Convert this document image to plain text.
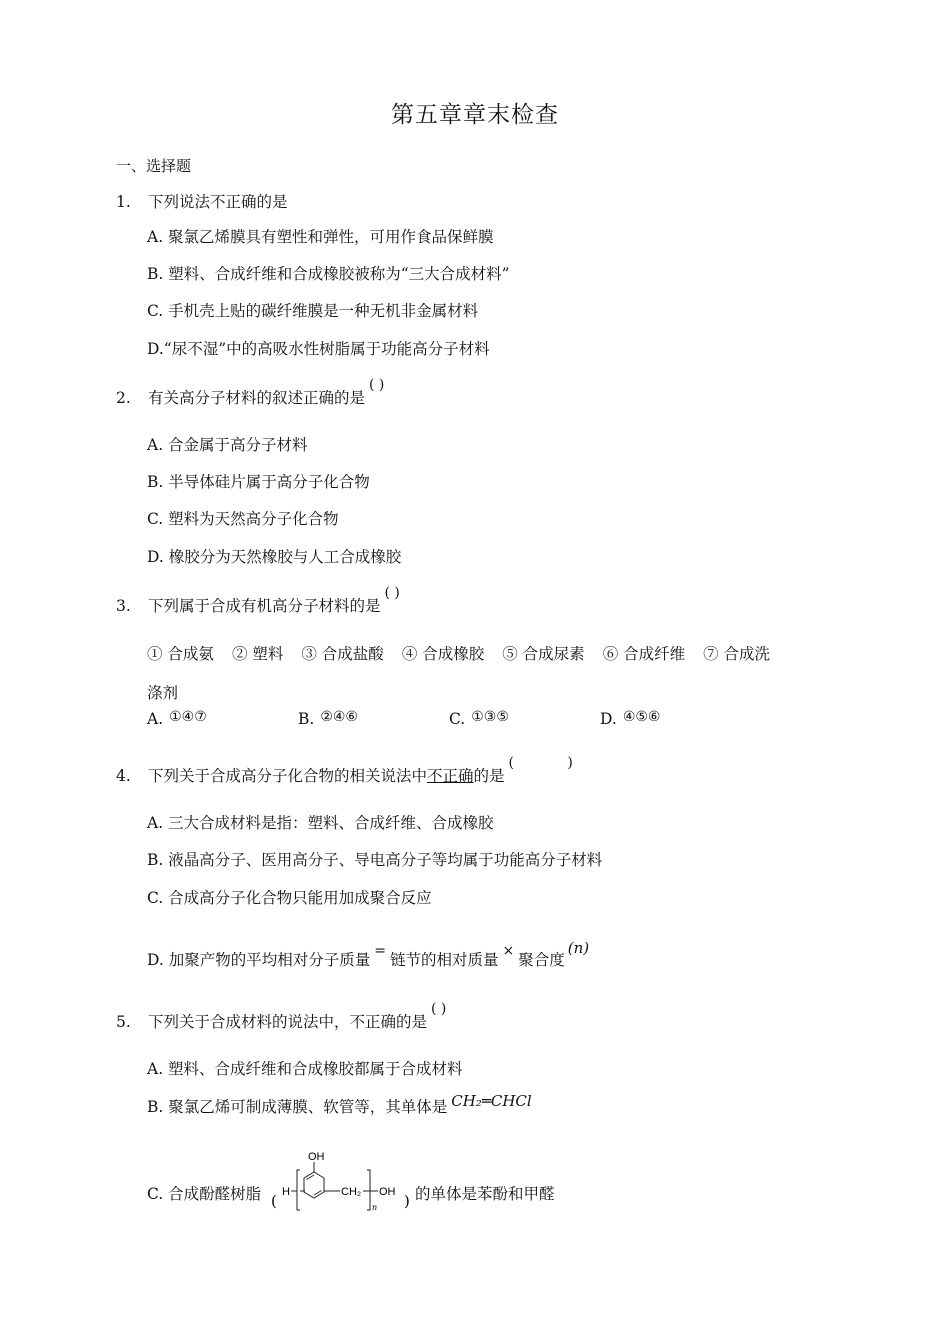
第五章章末检查
一、选择题
1. 下列说法不正确的是
A. 聚氯乙烯膜具有塑性和弹性，可用作食品保鲜膜
B. 塑料、合成纤维和合成橡胶被称为“三大合成材料”
C. 手机壳上贴的碳纤维膜是一种无机非金属材料
D.“尿不湿”中的高吸水性树脂属于功能高分子材料
2. 有关高分子材料的叙述正确的是( )
A. 合金属于高分子材料
B. 半导体硅片属于高分子化合物
C. 塑料为天然高分子化合物
D. 橡胶分为天然橡胶与人工合成橡胶
3. 下列属于合成有机高分子材料的是( )
① 合成氨 ② 塑料 ③ 合成盐酸 ④ 合成橡胶 ⑤ 合成尿素 ⑥ 合成纤维 ⑦ 合成洗
涤剂
A. ①④⑦	B. ②④⑥	C. ①③⑤	D. ④⑤⑥
4. 下列关于合成高分子化合物的相关说法中不正确的是(            )
A. 三大合成材料是指：塑料、合成纤维、合成橡胶
B. 液晶高分子、医用高分子、导电高分子等均属于功能高分子材料
C. 合成高分子化合物只能用加成聚合反应
D. 加聚产物的平均相对分子质量 = 链节的相对质量 × 聚合度(n)
5. 下列关于合成材料的说法中，不正确的是( )
A. 塑料、合成纤维和合成橡胶都属于合成材料
B. 聚氯乙烯可制成薄膜、软管等，其单体是 CH₂═CHCl
C. 合成酚醛树脂 ( H
OH
CH₂
n
OH ) 的单体是苯酚和甲醛
